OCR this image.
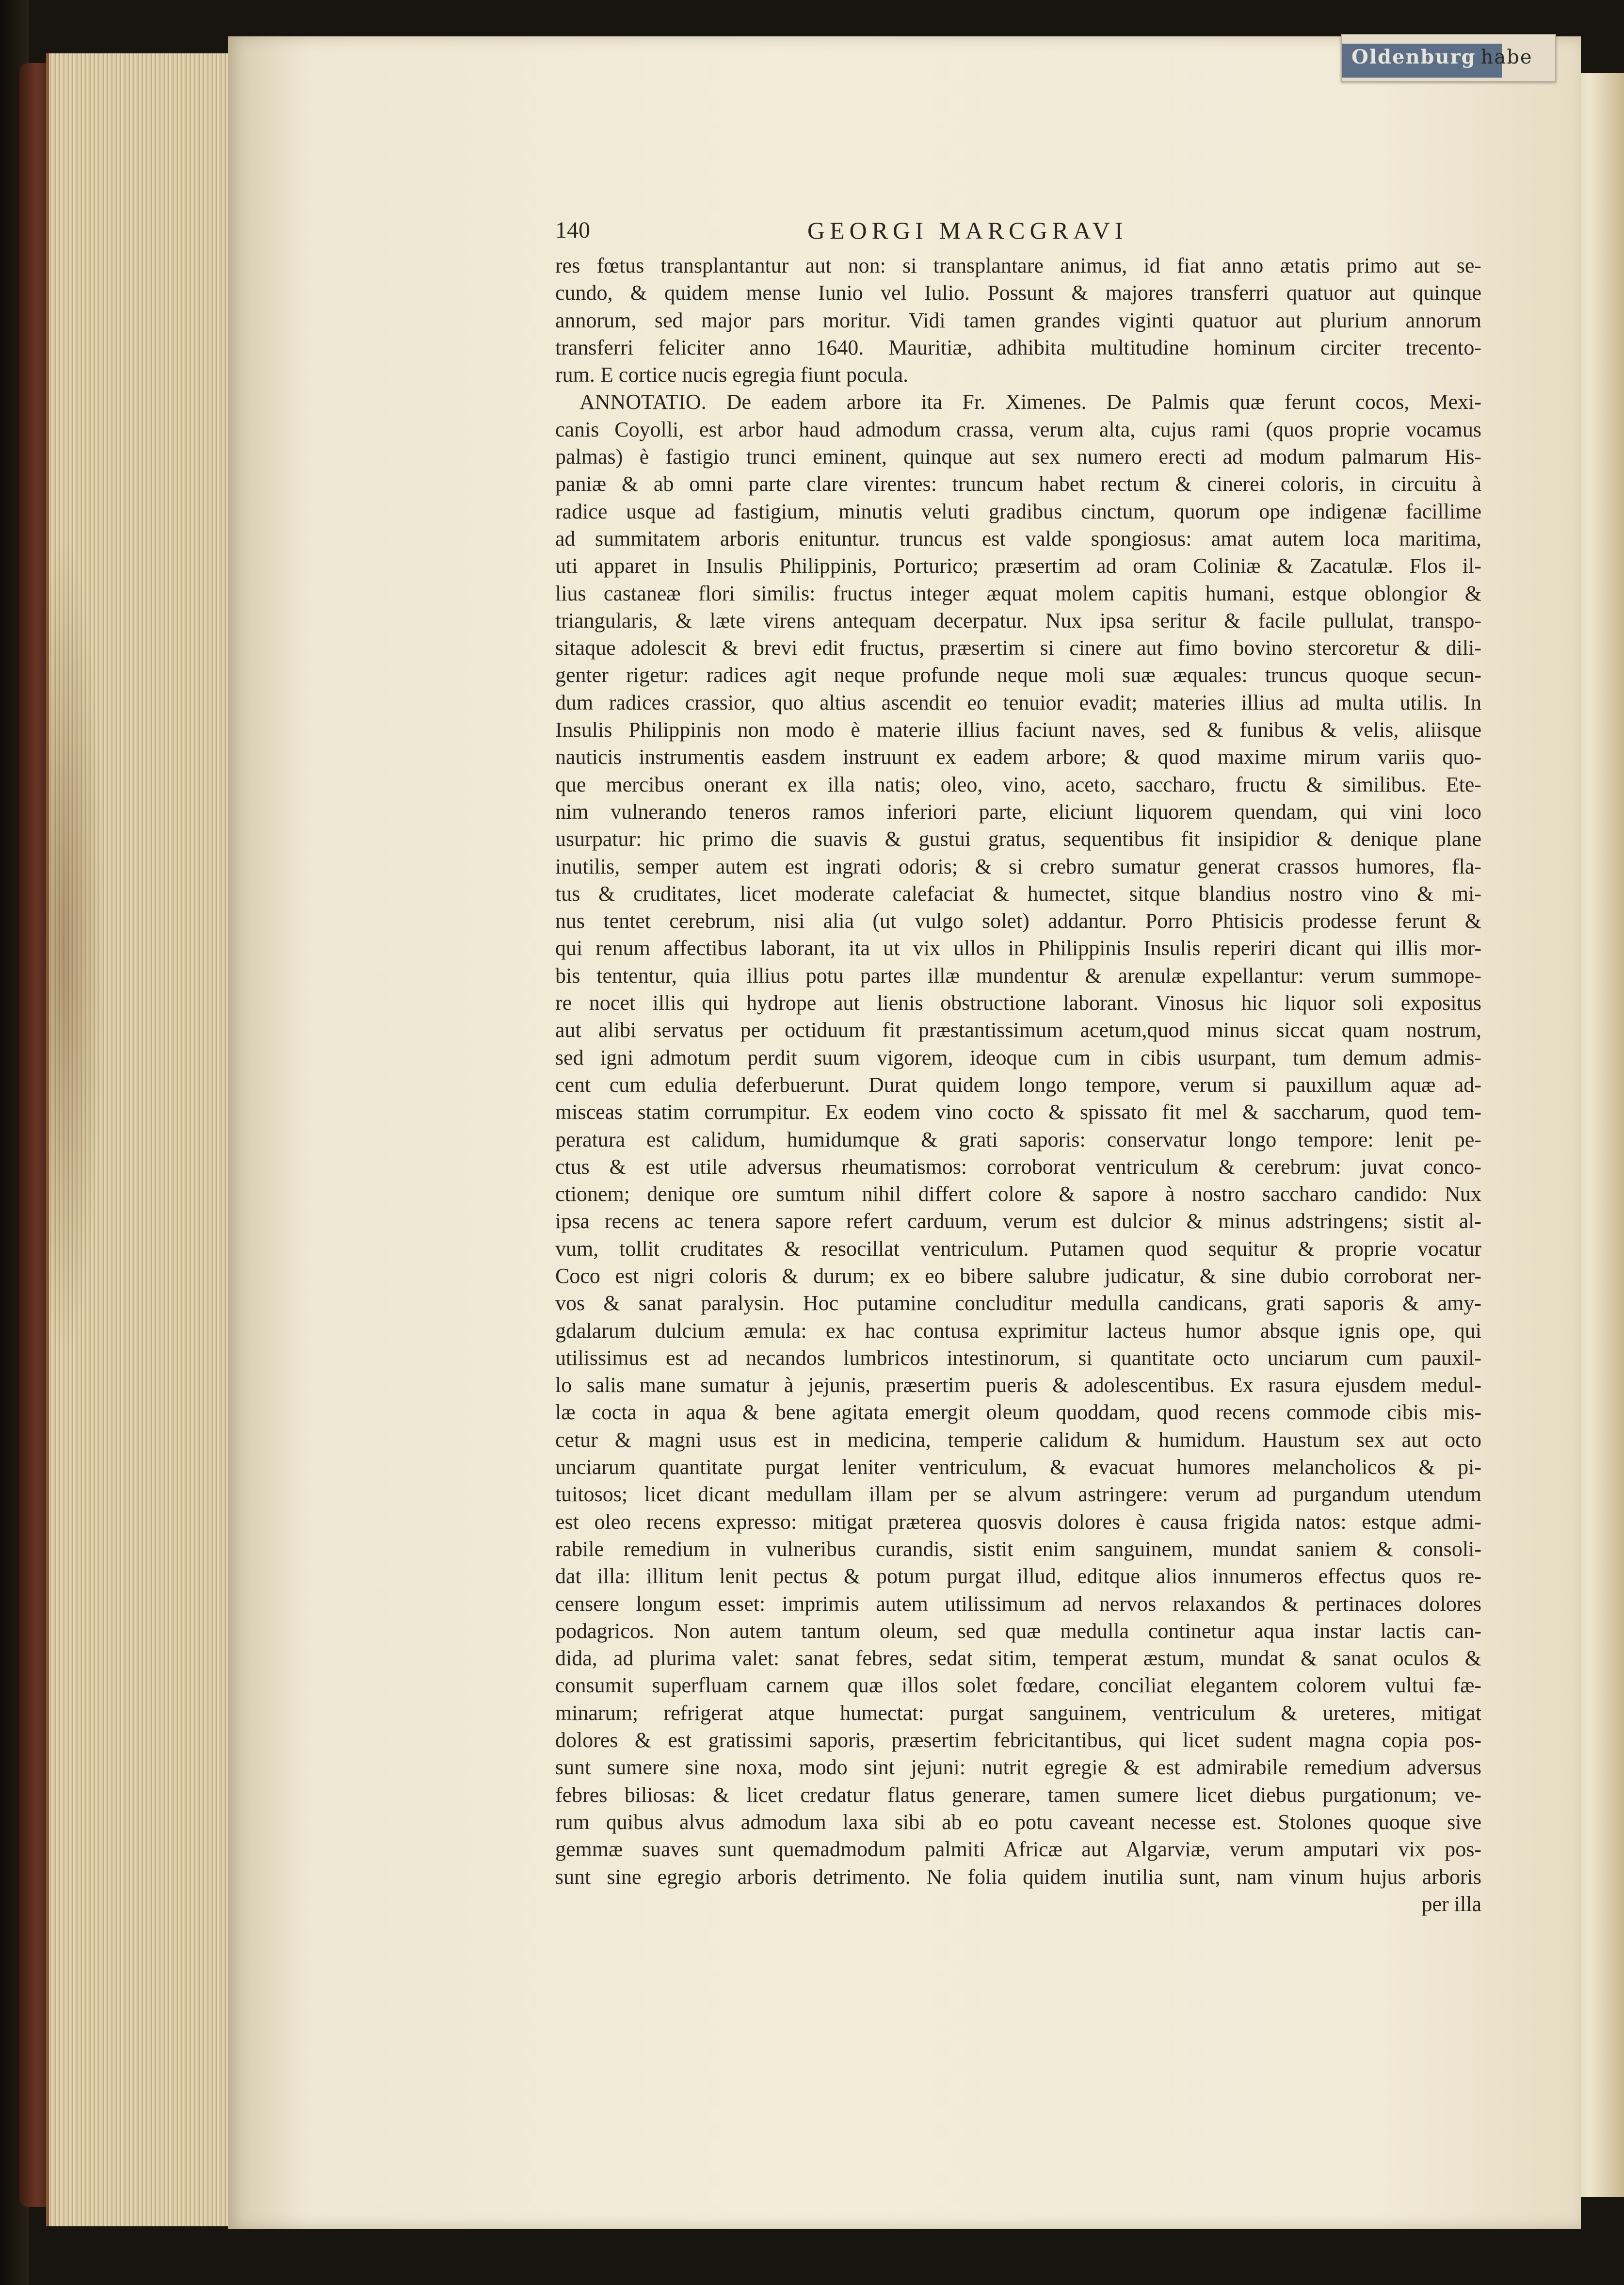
Oldenburg habe
140	GEORGI MARCGRAVI
res fœtus transplantantur aut non: si transplantare animus, id fiat anno ætatis primo aut se-
cundo, & quidem mense Iunio vel Iulio. Possunt & majores transferri quatuor aut quinque
annorum, sed major pars moritur. Vidi tamen grandes viginti quatuor aut plurium annorum
transferri feliciter anno 1640. Mauritiæ, adhibita multitudine hominum circiter trecento-
rum. E cortice nucis egregia fiunt pocula.
ANNOTATIO. De eadem arbore ita Fr. Ximenes. De Palmis quæ ferunt cocos, Mexi-
canis Coyolli, est arbor haud admodum crassa, verum alta, cujus rami (quos proprie vocamus
palmas) è fastigio trunci eminent, quinque aut sex numero erecti ad modum palmarum His-
paniæ & ab omni parte clare virentes: truncum habet rectum & cinerei coloris, in circuitu à
radice usque ad fastigium, minutis veluti gradibus cinctum, quorum ope indigenæ facillime
ad summitatem arboris enituntur. truncus est valde spongiosus: amat autem loca maritima,
uti apparet in Insulis Philippinis, Porturico; præsertim ad oram Coliniæ & Zacatulæ. Flos il-
lius castaneæ flori similis: fructus integer æquat molem capitis humani, estque oblongior &
triangularis, & læte virens antequam decerpatur. Nux ipsa seritur & facile pullulat, transpo-
sitaque adolescit & brevi edit fructus, præsertim si cinere aut fimo bovino stercoretur & dili-
genter rigetur: radices agit neque profunde neque moli suæ æquales: truncus quoque secun-
dum radices crassior, quo altius ascendit eo tenuior evadit; materies illius ad multa utilis. In
Insulis Philippinis non modo è materie illius faciunt naves, sed & funibus & velis, aliisque
nauticis instrumentis easdem instruunt ex eadem arbore; & quod maxime mirum variis quo-
que mercibus onerant ex illa natis; oleo, vino, aceto, saccharo, fructu & similibus. Ete-
nim vulnerando teneros ramos inferiori parte, eliciunt liquorem quendam, qui vini loco
usurpatur: hic primo die suavis & gustui gratus, sequentibus fit insipidior & denique plane
inutilis, semper autem est ingrati odoris; & si crebro sumatur generat crassos humores, fla-
tus & cruditates, licet moderate calefaciat & humectet, sitque blandius nostro vino & mi-
nus tentet cerebrum, nisi alia (ut vulgo solet) addantur. Porro Phtisicis prodesse ferunt &
qui renum affectibus laborant, ita ut vix ullos in Philippinis Insulis reperiri dicant qui illis mor-
bis tententur, quia illius potu partes illæ mundentur & arenulæ expellantur: verum summope-
re nocet illis qui hydrope aut lienis obstructione laborant. Vinosus hic liquor soli expositus
aut alibi servatus per octiduum fit præstantissimum acetum,quod minus siccat quam nostrum,
sed igni admotum perdit suum vigorem, ideoque cum in cibis usurpant, tum demum admis-
cent cum edulia deferbuerunt. Durat quidem longo tempore, verum si pauxillum aquæ ad-
misceas statim corrumpitur. Ex eodem vino cocto & spissato fit mel & saccharum, quod tem-
peratura est calidum, humidumque & grati saporis: conservatur longo tempore: lenit pe-
ctus & est utile adversus rheumatismos: corroborat ventriculum & cerebrum: juvat conco-
ctionem; denique ore sumtum nihil differt colore & sapore à nostro saccharo candido: Nux
ipsa recens ac tenera sapore refert carduum, verum est dulcior & minus adstringens; sistit al-
vum, tollit cruditates & resocillat ventriculum. Putamen quod sequitur & proprie vocatur
Coco est nigri coloris & durum; ex eo bibere salubre judicatur, & sine dubio corroborat ner-
vos & sanat paralysin. Hoc putamine concluditur medulla candicans, grati saporis & amy-
gdalarum dulcium æmula: ex hac contusa exprimitur lacteus humor absque ignis ope, qui
utilissimus est ad necandos lumbricos intestinorum, si quantitate octo unciarum cum pauxil-
lo salis mane sumatur à jejunis, præsertim pueris & adolescentibus. Ex rasura ejusdem medul-
læ cocta in aqua & bene agitata emergit oleum quoddam, quod recens commode cibis mis-
cetur & magni usus est in medicina, temperie calidum & humidum. Haustum sex aut octo
unciarum quantitate purgat leniter ventriculum, & evacuat humores melancholicos & pi-
tuitosos; licet dicant medullam illam per se alvum astringere: verum ad purgandum utendum
est oleo recens expresso: mitigat præterea quosvis dolores è causa frigida natos: estque admi-
rabile remedium in vulneribus curandis, sistit enim sanguinem, mundat saniem & consoli-
dat illa: illitum lenit pectus & potum purgat illud, editque alios innumeros effectus quos re-
censere longum esset: imprimis autem utilissimum ad nervos relaxandos & pertinaces dolores
podagricos. Non autem tantum oleum, sed quæ medulla continetur aqua instar lactis can-
dida, ad plurima valet: sanat febres, sedat sitim, temperat æstum, mundat & sanat oculos &
consumit superfluam carnem quæ illos solet fœdare, conciliat elegantem colorem vultui fæ-
minarum; refrigerat atque humectat: purgat sanguinem, ventriculum & ureteres, mitigat
dolores & est gratissimi saporis, præsertim febricitantibus, qui licet sudent magna copia pos-
sunt sumere sine noxa, modo sint jejuni: nutrit egregie & est admirabile remedium adversus
febres biliosas: & licet credatur flatus generare, tamen sumere licet diebus purgationum; ve-
rum quibus alvus admodum laxa sibi ab eo potu caveant necesse est. Stolones quoque sive
gemmæ suaves sunt quemadmodum palmiti Africæ aut Algarviæ, verum amputari vix pos-
sunt sine egregio arboris detrimento. Ne folia quidem inutilia sunt, nam vinum hujus arboris
per illa
